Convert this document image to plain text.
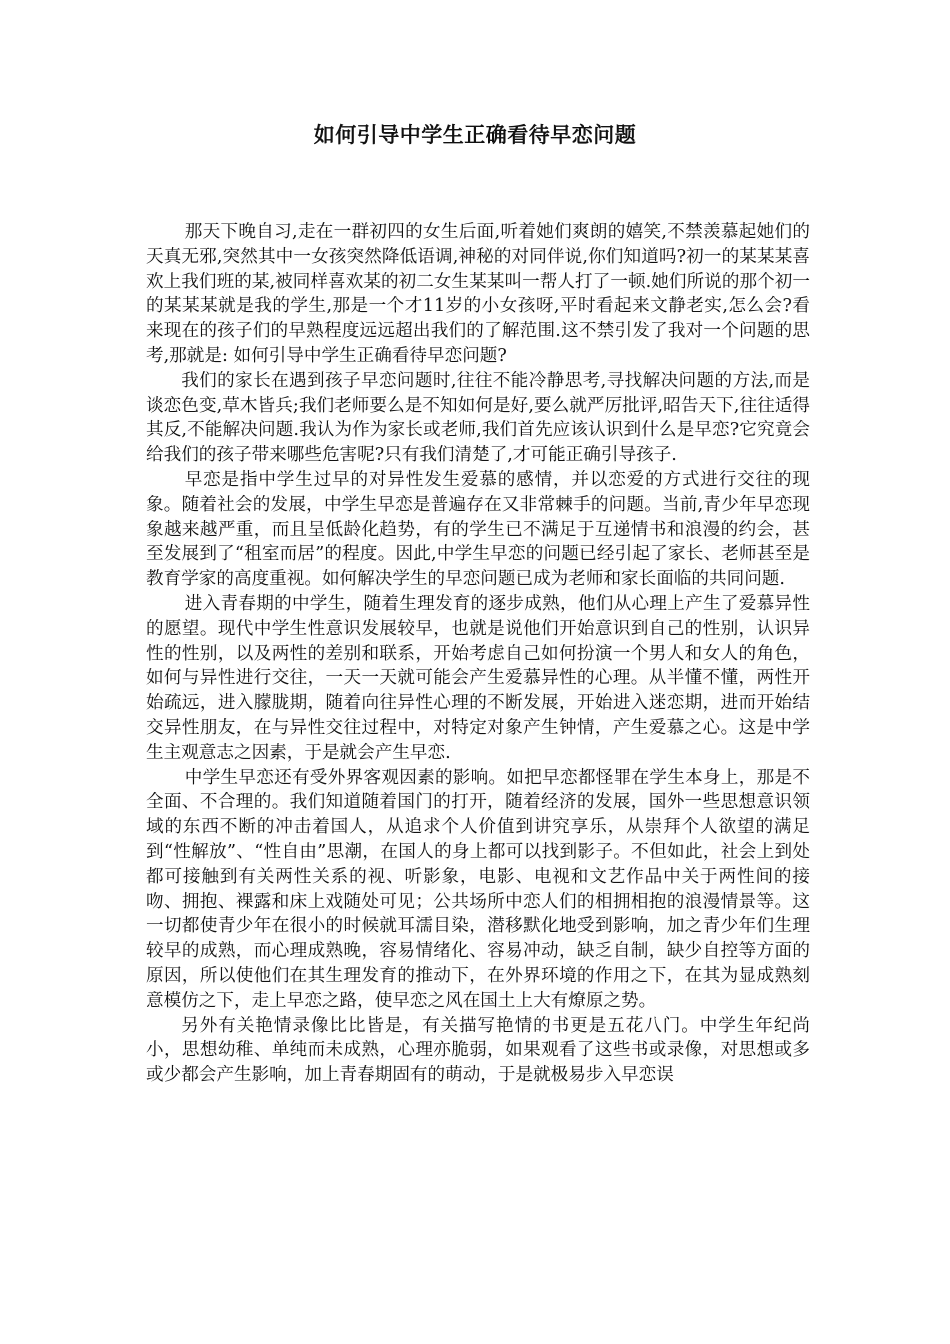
如何引导中学生正确看待早恋问题

那天下晚自习,走在一群初四的女生后面,听着她们爽朗的嬉笑,不禁羡慕起她们的天真无邪,突然其中一女孩突然降低语调,神秘的对同伴说,你们知道吗?初一的某某某喜欢上我们班的某,被同样喜欢某的初二女生某某叫一帮人打了一顿.她们所说的那个初一的某某某就是我的学生,那是一个才11岁的小女孩呀,平时看起来文静老实,怎么会?看来现在的孩子们的早熟程度远远超出我们的了解范围.这不禁引发了我对一个问题的思考,那就是: 如何引导中学生正确看待早恋问题?

我们的家长在遇到孩子早恋问题时,往往不能冷静思考,寻找解决问题的方法,而是谈恋色变,草木皆兵;我们老师要么是不知如何是好,要么就严厉批评,昭告天下,往往适得其反,不能解决问题.我认为作为家长或老师,我们首先应该认识到什么是早恋?它究竟会给我们的孩子带来哪些危害呢?只有我们清楚了,才可能正确引导孩子.

早恋是指中学生过早的对异性发生爱慕的感情，并以恋爱的方式进行交往的现象。随着社会的发展，中学生早恋是普遍存在又非常棘手的问题。当前,青少年早恋现象越来越严重，而且呈低龄化趋势，有的学生已不满足于互递情书和浪漫的约会，甚至发展到了“租室而居”的程度。因此,中学生早恋的问题已经引起了家长、老师甚至是教育学家的高度重视。如何解决学生的早恋问题已成为老师和家长面临的共同问题.

进入青春期的中学生，随着生理发育的逐步成熟，他们从心理上产生了爱慕异性的愿望。现代中学生性意识发展较早，也就是说他们开始意识到自己的性别，认识异性的性别，以及两性的差别和联系，开始考虑自己如何扮演一个男人和女人的角色，如何与异性进行交往，一天一天就可能会产生爱慕异性的心理。从半懂不懂，两性开始疏远，进入朦胧期，随着向往异性心理的不断发展，开始进入迷恋期，进而开始结交异性朋友，在与异性交往过程中，对特定对象产生钟情，产生爱慕之心。这是中学生主观意志之因素，于是就会产生早恋.

中学生早恋还有受外界客观因素的影响。如把早恋都怪罪在学生本身上，那是不全面、不合理的。我们知道随着国门的打开，随着经济的发展，国外一些思想意识领域的东西不断的冲击着国人，从追求个人价值到讲究享乐，从崇拜个人欲望的满足到“性解放”、“性自由”思潮，在国人的身上都可以找到影子。不但如此，社会上到处都可接触到有关两性关系的视、听影象，电影、电视和文艺作品中关于两性间的接吻、拥抱、裸露和床上戏随处可见；公共场所中恋人们的相拥相抱的浪漫情景等。这一切都使青少年在很小的时候就耳濡目染，潜移默化地受到影响，加之青少年们生理较早的成熟，而心理成熟晚，容易情绪化、容易冲动，缺乏自制，缺少自控等方面的原因，所以使他们在其生理发育的推动下，在外界环境的作用之下，在其为显成熟刻意模仿之下，走上早恋之路，使早恋之风在国土上大有燎原之势。

另外有关艳情录像比比皆是，有关描写艳情的书更是五花八门。中学生年纪尚小，思想幼稚、单纯而未成熟，心理亦脆弱，如果观看了这些书或录像，对思想或多或少都会产生影响，加上青春期固有的萌动，于是就极易步入早恋误
